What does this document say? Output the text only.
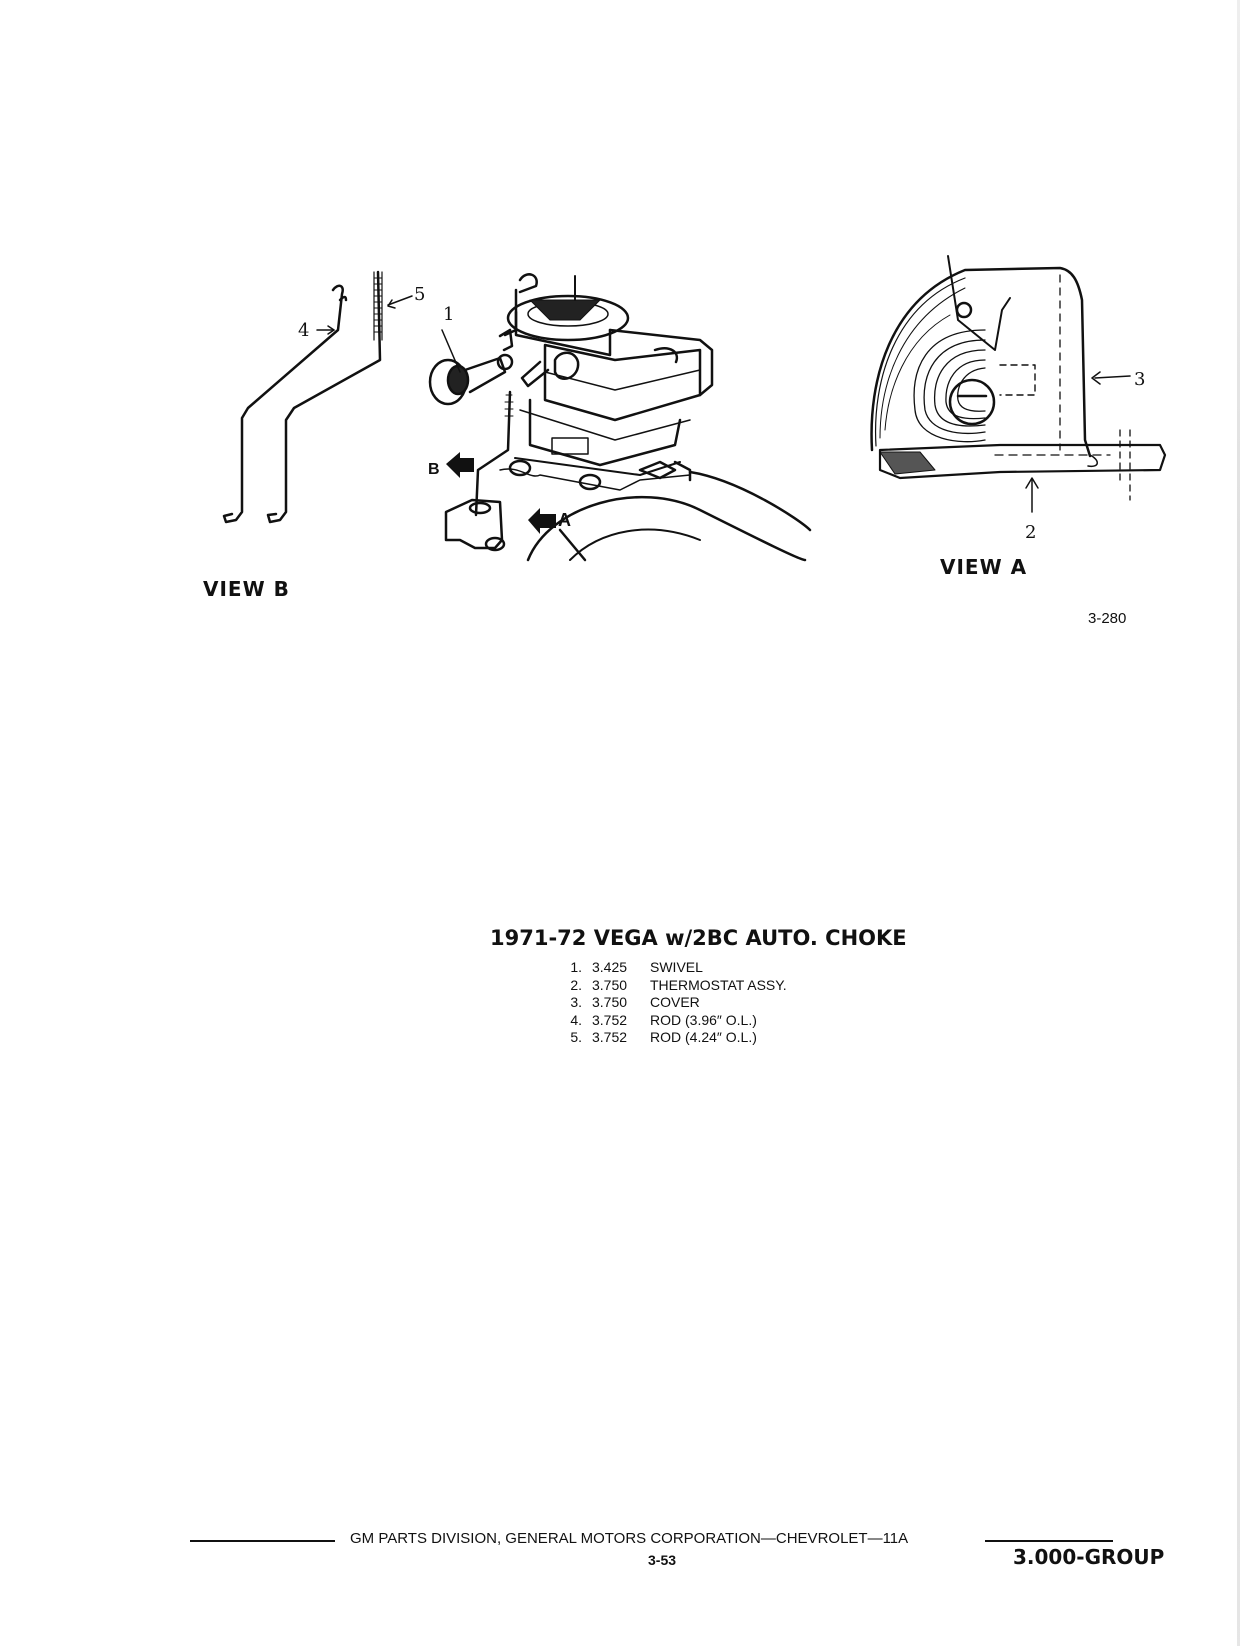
B
A
1
2
3
4
5
VIEW B
VIEW A
3-280
1971-72 VEGA w/2BC AUTO. CHOKE
1. 3.425	SWIVEL
2. 3.750	THERMOSTAT ASSY.
3. 3.750	COVER
4. 3.752	ROD (3.96″ O.L.)
5. 3.752	ROD (4.24″ O.L.)
GM PARTS DIVISION, GENERAL MOTORS CORPORATION—CHEVROLET—11A
3-53	3.000-GROUP
